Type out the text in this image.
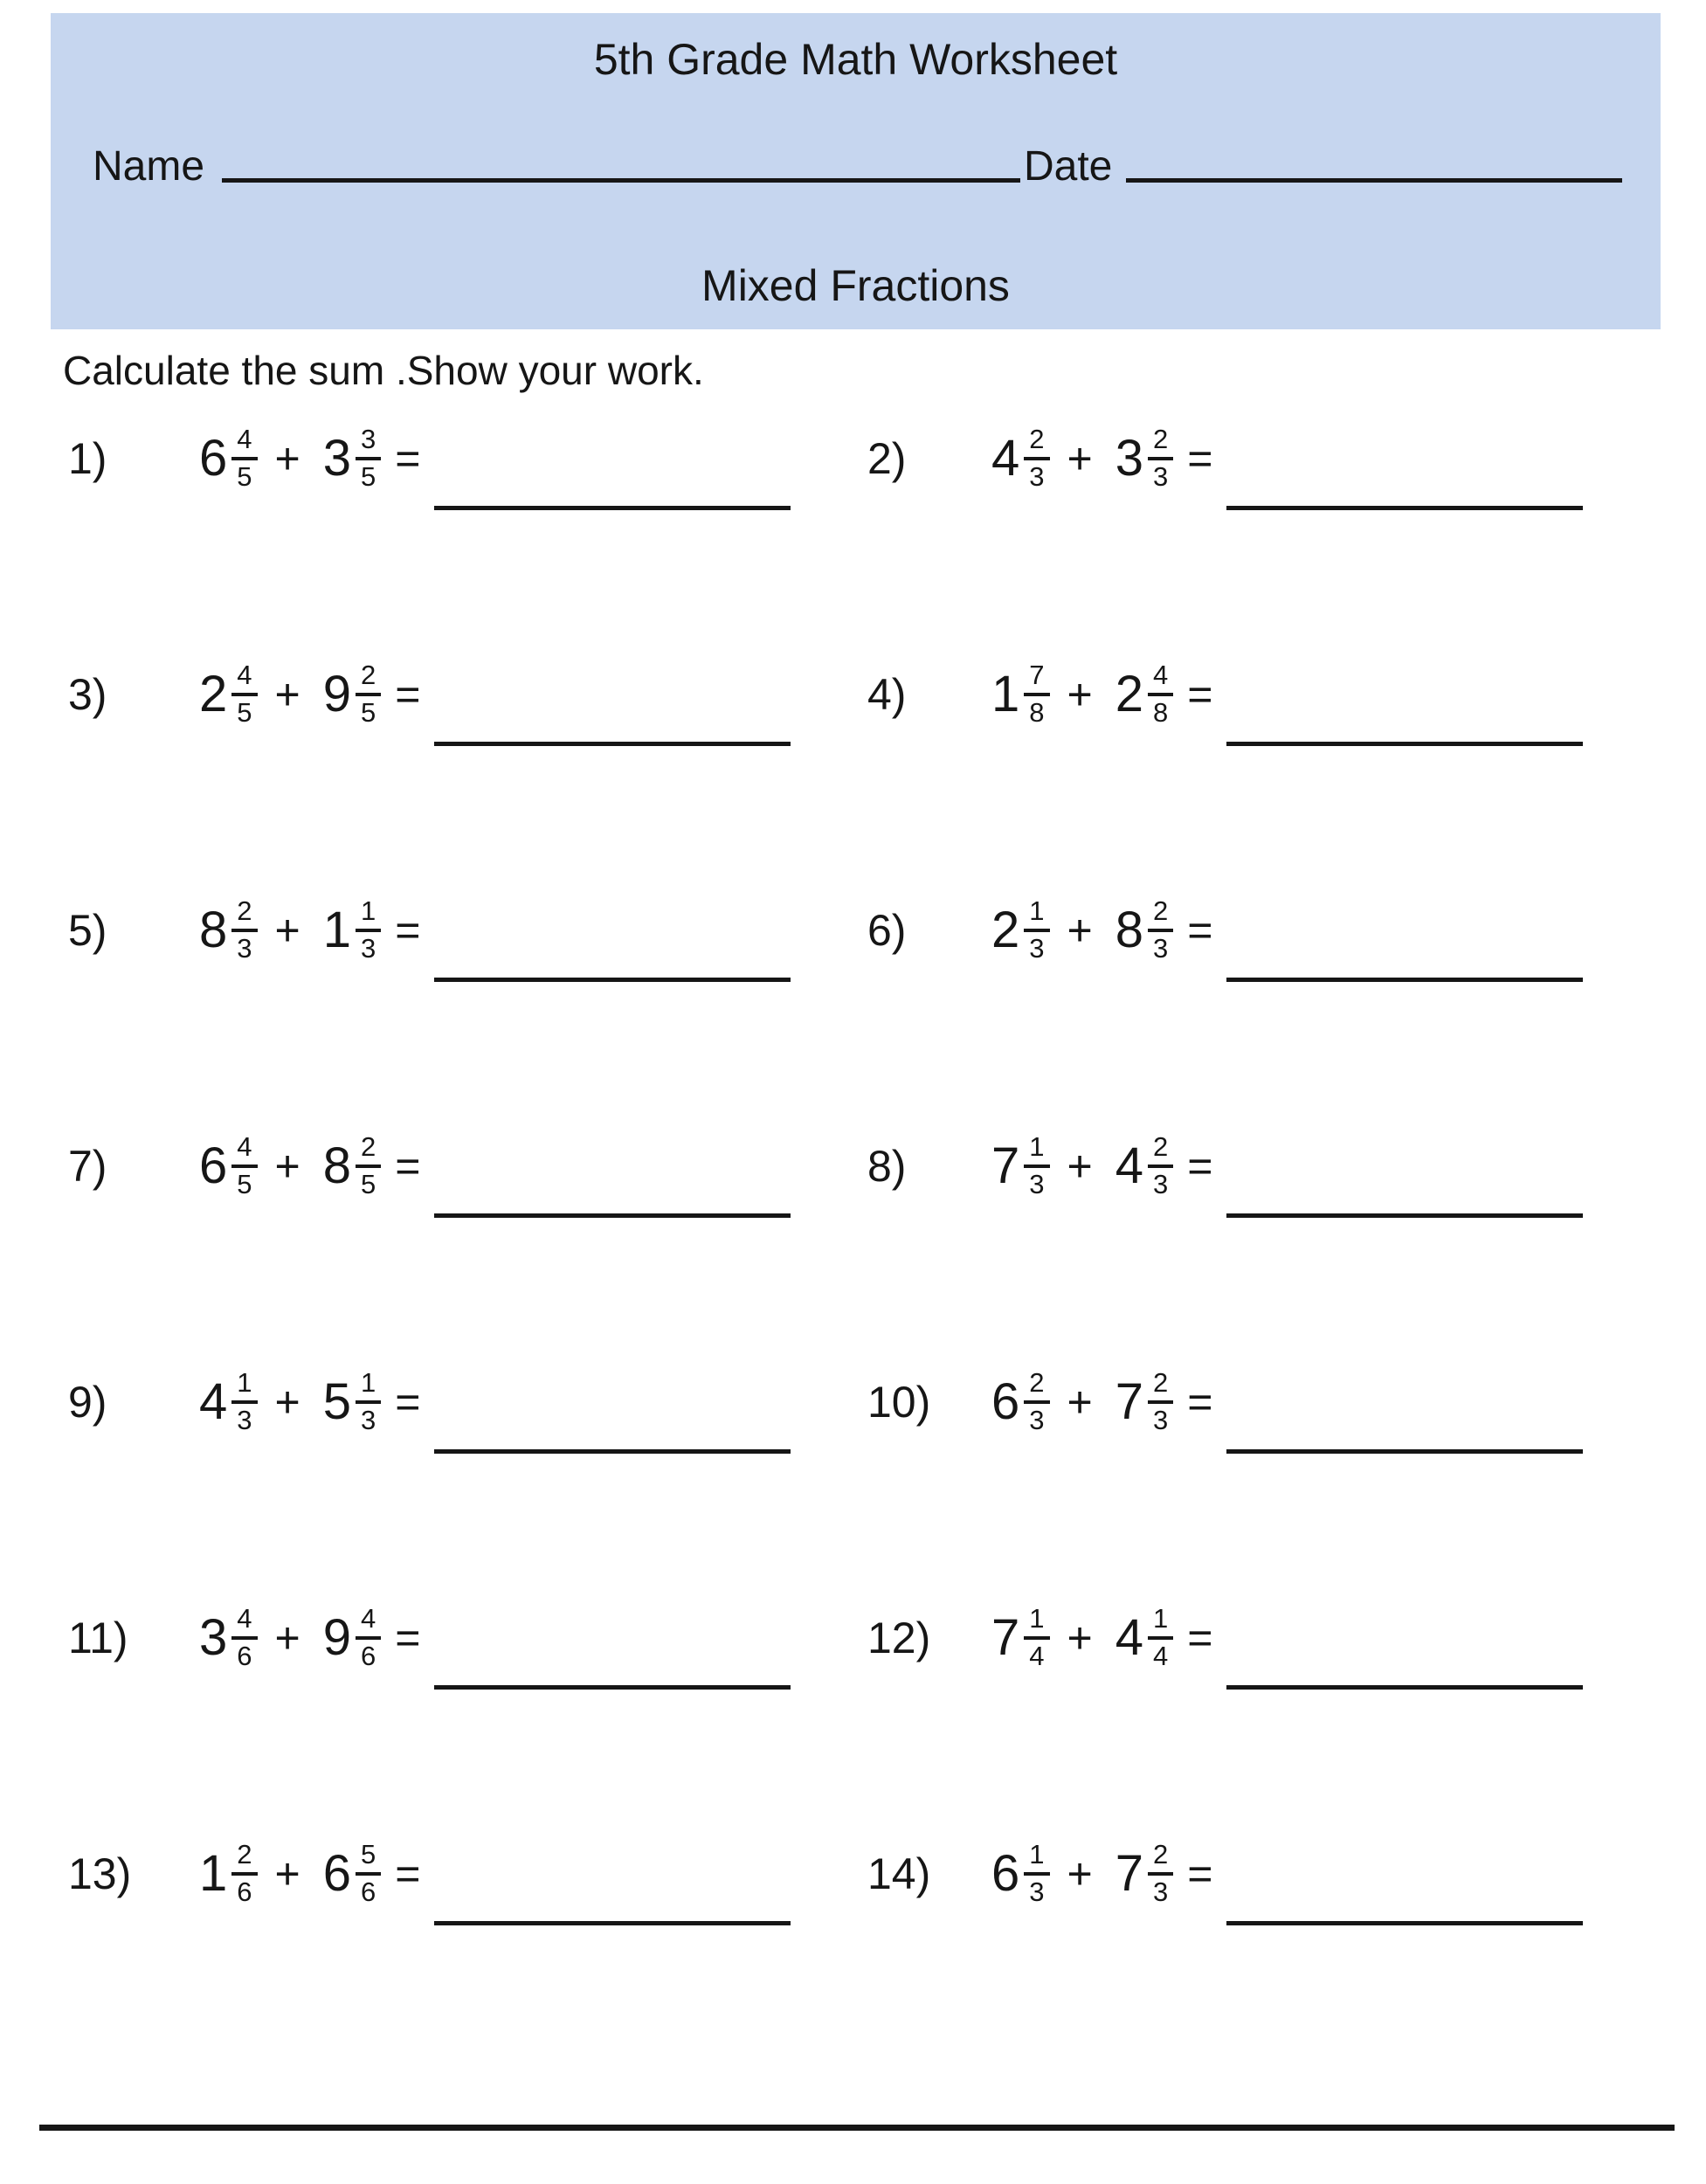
5th Grade Math Worksheet
Name	Date
Mixed Fractions
Calculate the sum .Show your work.
1)	$6 \frac{4}{5} + 3 \frac{3}{5}$ =	2)	$4 \frac{2}{3} + 3 \frac{2}{3}$ =
3)	$2 \frac{4}{5} + 9 \frac{2}{5}$ =	4)	$1 \frac{7}{8} + 2 \frac{4}{8}$ =
5)	$8 \frac{2}{3} + 1 \frac{1}{3}$ =	6)	$2 \frac{1}{3} + 8 \frac{2}{3}$ =
7)	$6 \frac{4}{5} + 8 \frac{2}{5}$ =	8)	$7 \frac{1}{3} + 4 \frac{2}{3}$ =
9)	$4 \frac{1}{3} + 5 \frac{1}{3}$ =	10)	$6 \frac{2}{3} + 7 \frac{2}{3}$ =
11)	$3 \frac{4}{6} + 9 \frac{4}{6}$ =	12)	$7 \frac{1}{4} + 4 \frac{1}{4}$ =
13)	$1 \frac{2}{6} + 6 \frac{5}{6}$ =	14)	$6 \frac{1}{3} + 7 \frac{2}{3}$ =
